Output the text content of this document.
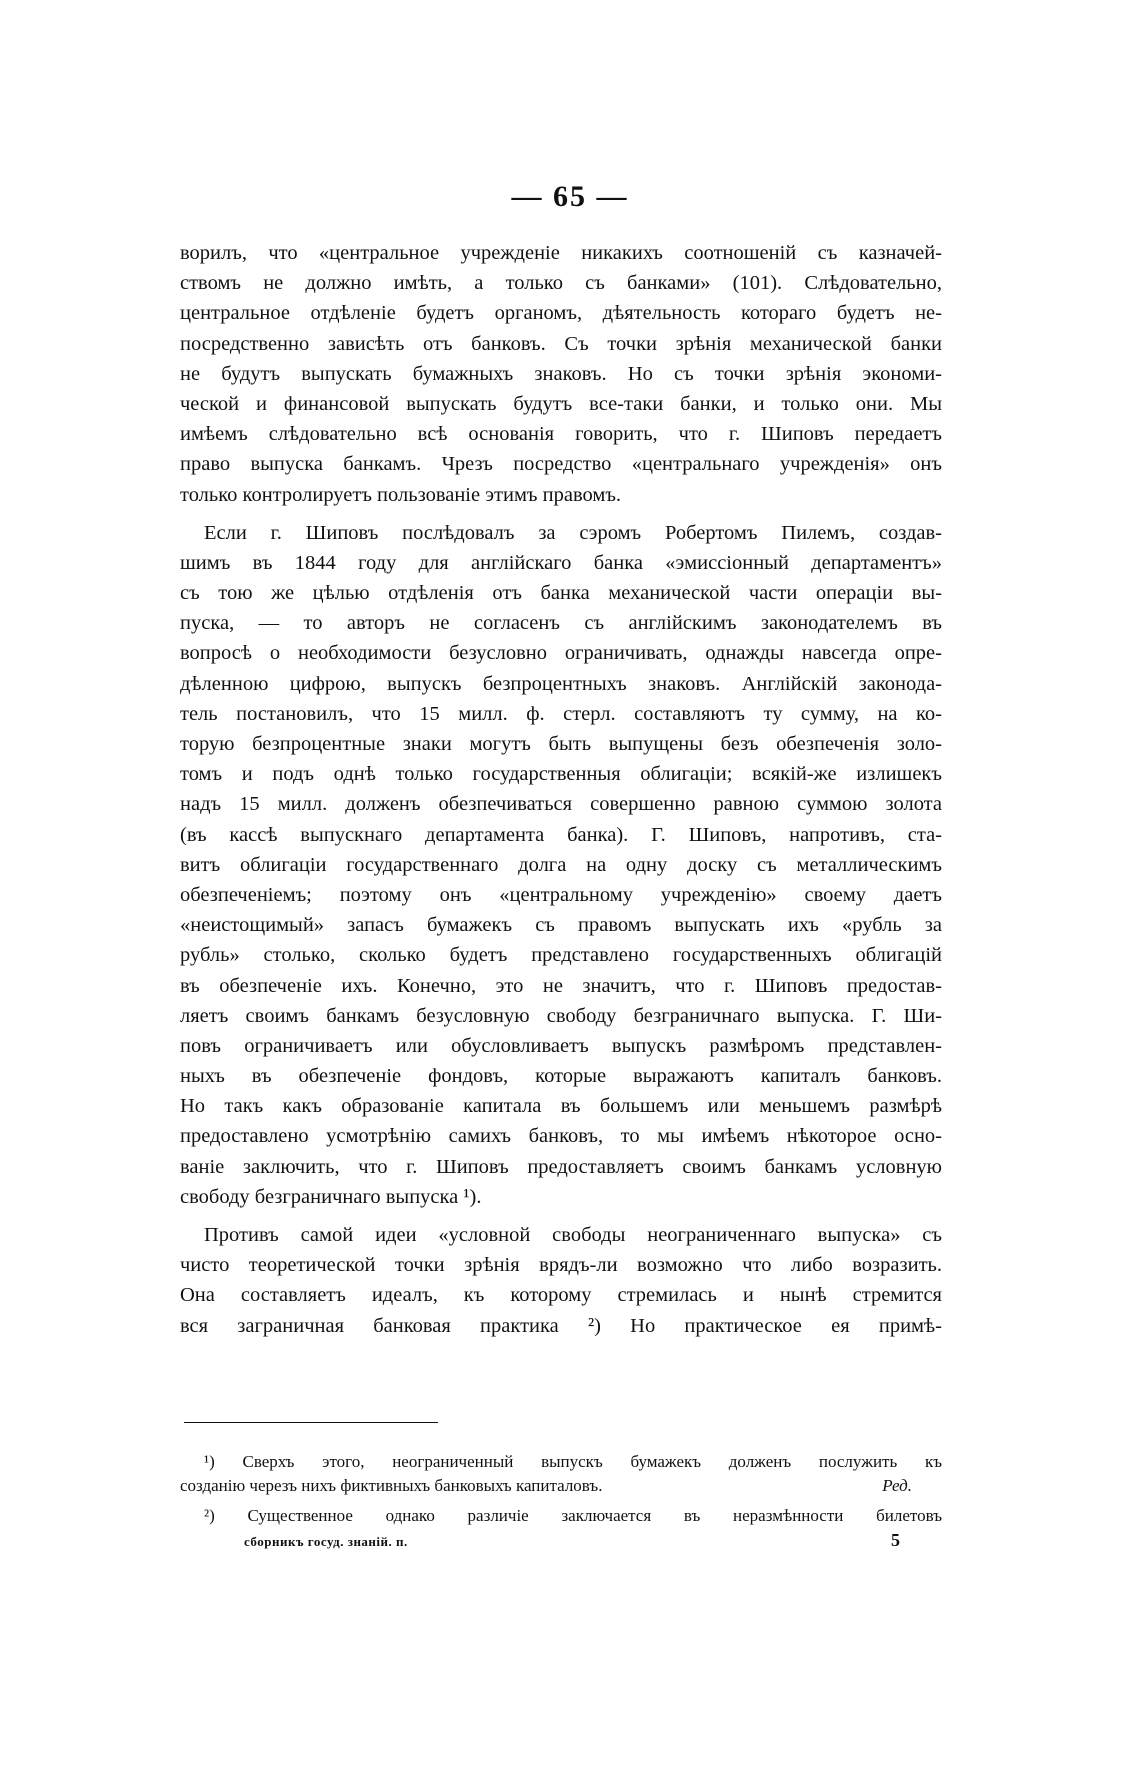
— 65 —
ворилъ, что «центральное учрежденіе никакихъ соотношеній съ казначей-
ствомъ не должно имѣть, а только съ банками» (101). Слѣдовательно,
центральное отдѣленіе будетъ органомъ, дѣятельность котораго будетъ не-
посредственно зависѣть отъ банковъ. Съ точки зрѣнія механической банки
не будутъ выпускать бумажныхъ знаковъ. Но съ точки зрѣнія экономи-
ческой и финансовой выпускать будутъ все-таки банки, и только они. Мы
имѣемъ слѣдовательно всѣ основанія говорить, что г. Шиповъ передаетъ
право выпуска банкамъ. Чрезъ посредство «центральнаго учрежденія» онъ
только контролируетъ пользованіе этимъ правомъ.
Если г. Шиповъ послѣдовалъ за сэромъ Робертомъ Пилемъ, создав-
шимъ въ 1844 году для англійскаго банка «эмиссіонный департаментъ»
съ тою же цѣлью отдѣленія отъ банка механической части операціи вы-
пуска, — то авторъ не согласенъ съ англійскимъ законодателемъ въ
вопросѣ о необходимости безусловно ограничивать, однажды навсегда опре-
дѣленною цифрою, выпускъ безпроцентныхъ знаковъ. Англійскій законода-
тель постановилъ, что 15 милл. ф. стерл. составляютъ ту сумму, на ко-
торую безпроцентные знаки могутъ быть выпущены безъ обезпеченія золо-
томъ и подъ однѣ только государственныя облигаціи; всякій-же излишекъ
надъ 15 милл. долженъ обезпечиваться совершенно равною суммою золота
(въ кассѣ выпускнаго департамента банка). Г. Шиповъ, напротивъ, ста-
витъ облигаціи государственнаго долга на одну доску съ металлическимъ
обезпеченіемъ; поэтому онъ «центральному учрежденію» своему даетъ
«неистощимый» запасъ бумажекъ съ правомъ выпускать ихъ «рубль за
рубль» столько, сколько будетъ представлено государственныхъ облигацій
въ обезпеченіе ихъ. Конечно, это не значитъ, что г. Шиповъ предостав-
ляетъ своимъ банкамъ безусловную свободу безграничнаго выпуска. Г. Ши-
повъ ограничиваетъ или обусловливаетъ выпускъ размѣромъ представлен-
ныхъ въ обезпеченіе фондовъ, которые выражаютъ капиталъ банковъ.
Но такъ какъ образованіе капитала въ большемъ или меньшемъ размѣрѣ
предоставлено усмотрѣнію самихъ банковъ, то мы имѣемъ нѣкоторое осно-
ваніе заключить, что г. Шиповъ предоставляетъ своимъ банкамъ условную
свободу безграничнаго выпуска ¹).
Противъ самой идеи «условной свободы неограниченнаго выпуска» съ
чисто теоретической точки зрѣнія врядъ-ли возможно что либо возразить.
Она составляетъ идеалъ, къ которому стремилась и нынѣ стремится
вся заграничная банковая практика ²) Но практическое ея примѣ-
¹) Сверхъ этого, неограниченный выпускъ бумажекъ долженъ послужить къ
созданію черезъ нихъ фиктивныхъ банковыхъ капиталовъ.	Ред.
²) Существенное однако различіе заключается въ неразмѣнности билетовъ
сборникъ госуд. знаній. п.	5
